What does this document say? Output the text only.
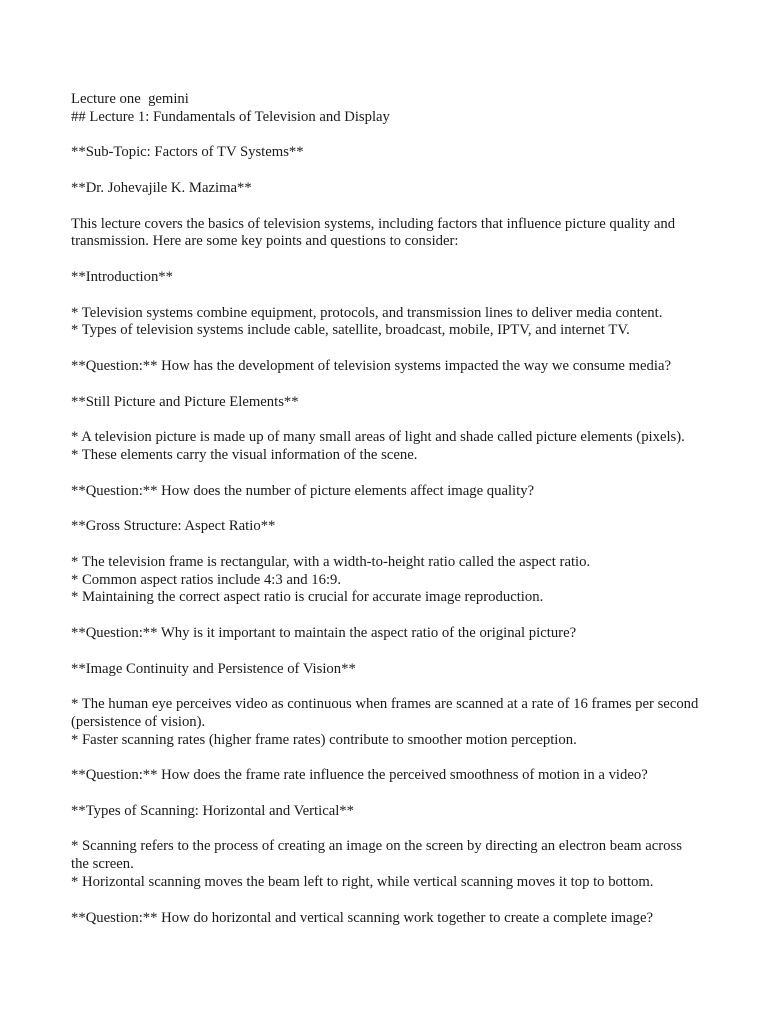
Lecture one  gemini
## Lecture 1: Fundamentals of Television and Display
**Sub-Topic: Factors of TV Systems**
**Dr. Johevajile K. Mazima**
This lecture covers the basics of television systems, including factors that influence picture quality and transmission. Here are some key points and questions to consider:
**Introduction**
* Television systems combine equipment, protocols, and transmission lines to deliver media content.
* Types of television systems include cable, satellite, broadcast, mobile, IPTV, and internet TV.
**Question:** How has the development of television systems impacted the way we consume media?
**Still Picture and Picture Elements**
* A television picture is made up of many small areas of light and shade called picture elements (pixels).
* These elements carry the visual information of the scene.
**Question:** How does the number of picture elements affect image quality?
**Gross Structure: Aspect Ratio**
* The television frame is rectangular, with a width-to-height ratio called the aspect ratio.
* Common aspect ratios include 4:3 and 16:9.
* Maintaining the correct aspect ratio is crucial for accurate image reproduction.
**Question:** Why is it important to maintain the aspect ratio of the original picture?
**Image Continuity and Persistence of Vision**
* The human eye perceives video as continuous when frames are scanned at a rate of 16 frames per second (persistence of vision).
* Faster scanning rates (higher frame rates) contribute to smoother motion perception.
**Question:** How does the frame rate influence the perceived smoothness of motion in a video?
**Types of Scanning: Horizontal and Vertical**
* Scanning refers to the process of creating an image on the screen by directing an electron beam across the screen.
* Horizontal scanning moves the beam left to right, while vertical scanning moves it top to bottom.
**Question:** How do horizontal and vertical scanning work together to create a complete image?
